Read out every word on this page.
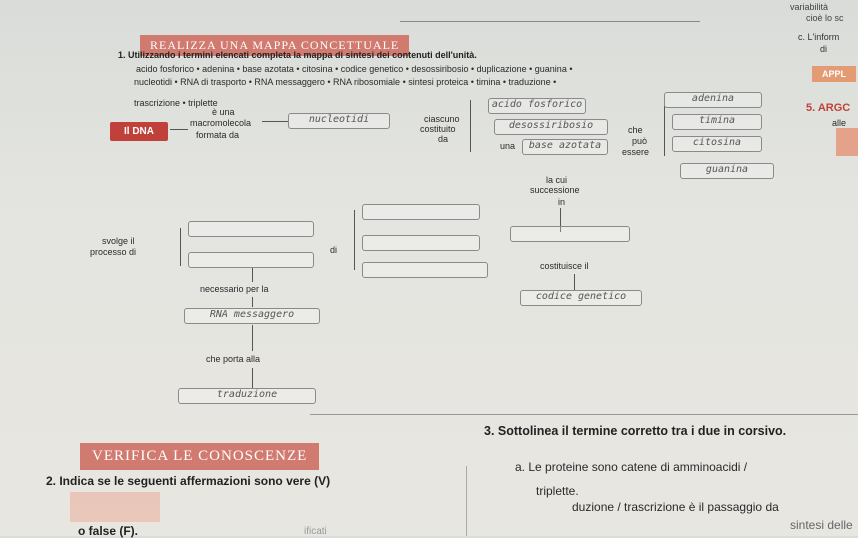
variabilità
cioè lo sc
c. L'inform
di
APPL
5. ARGC
alle
REALIZZA UNA MAPPA CONCETTUALE
1. Utilizzando i termini elencati completa la mappa di sintesi dei contenuti dell'unità.
acido fosforico • adenina • base azotata • citosina • codice genetico • desossiribosio • duplicazione • guanina •
nucleotidi • RNA di trasporto • RNA messaggero • RNA ribosomiale • sintesi proteica • timina • traduzione •
trascrizione • triplette
Il DNA
è una
macromolecola
formata da
nucleotidi	ciascuno
costituito
da
acido fosforico
desossiribosio
una	base azotata
che
può
essere
adenina
timina
citosina
guanina
la cui
successione
in
svolge il
processo di	di
costituisce il
codice genetico
necessario per la
RNA messaggero
che porta alla
traduzione
VERIFICA LE CONOSCENZE
2. Indica se le seguenti affermazioni sono vere (V)
o false (F).	ificati
3. Sottolinea il termine corretto tra i due in corsivo.
a. Le proteine sono catene di amminoacidi /
triplette.
duzione / trascrizione è il passaggio da
sintesi delle
